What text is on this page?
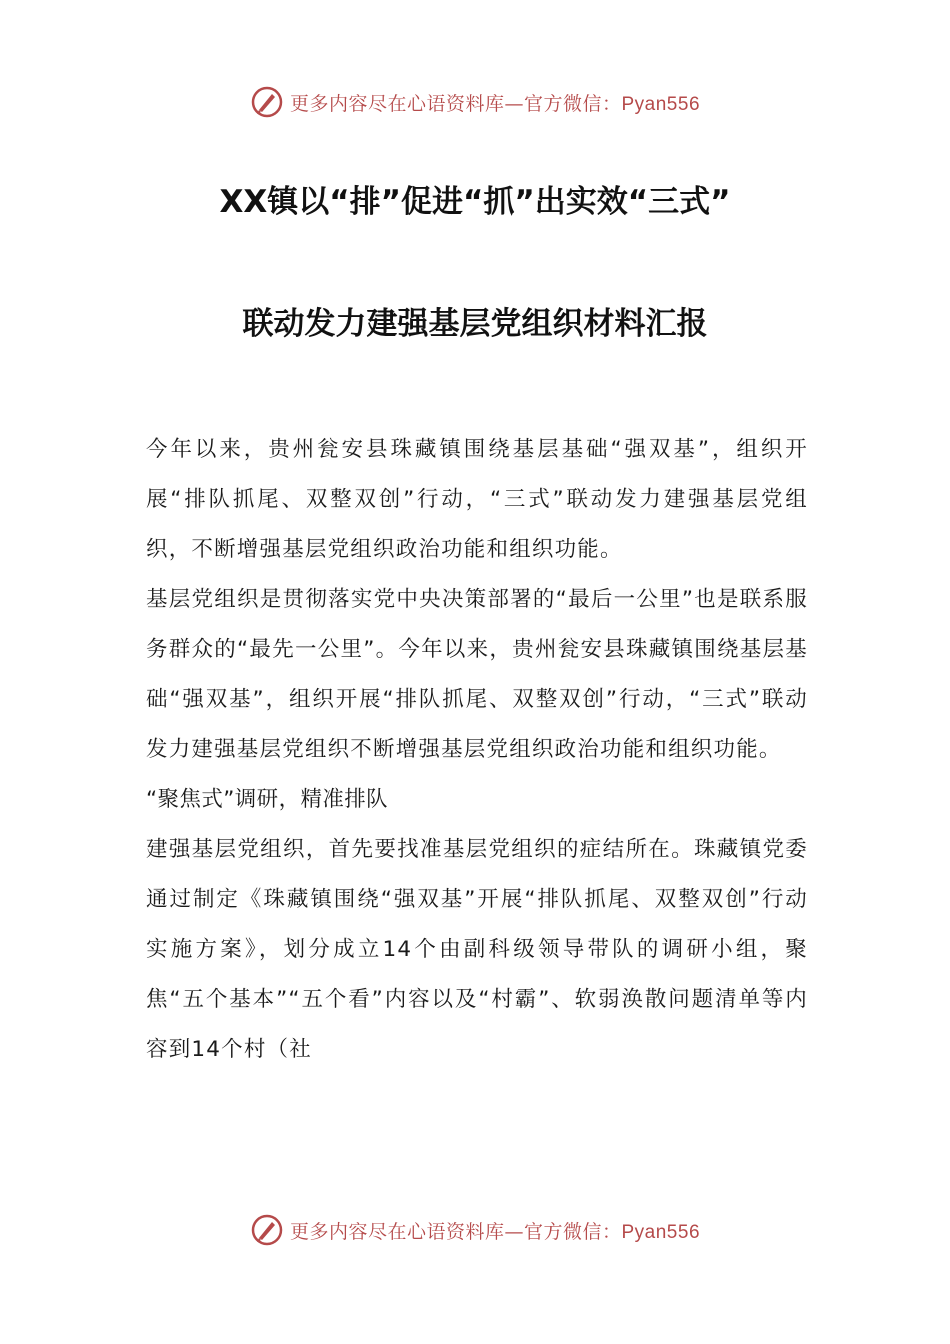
更多内容尽在心语资料库—官方微信：Pyan556
XX镇以“排”促进“抓”出实效“三式”
联动发力建强基层党组织材料汇报

今年以来，贵州瓮安县珠藏镇围绕基层基础“强双基”，组织开展“排队抓尾、双整双创”行动，“三式”联动发力建强基层党组织，不断增强基层党组织政治功能和组织功能。

基层党组织是贯彻落实党中央决策部署的“最后一公里”也是联系服务群众的“最先一公里”。今年以来，贵州瓮安县珠藏镇围绕基层基础“强双基”，组织开展“排队抓尾、双整双创”行动，“三式”联动发力建强基层党组织不断增强基层党组织政治功能和组织功能。

“聚焦式”调研，精准排队

建强基层党组织，首先要找准基层党组织的症结所在。珠藏镇党委通过制定《珠藏镇围绕“强双基”开展“排队抓尾、双整双创”行动实施方案》，划分成立14个由副科级领导带队的调研小组，聚焦“五个基本”“五个看”内容以及“村霸”、软弱涣散问题清单等内容到14个村（社

更多内容尽在心语资料库—官方微信：Pyan556
